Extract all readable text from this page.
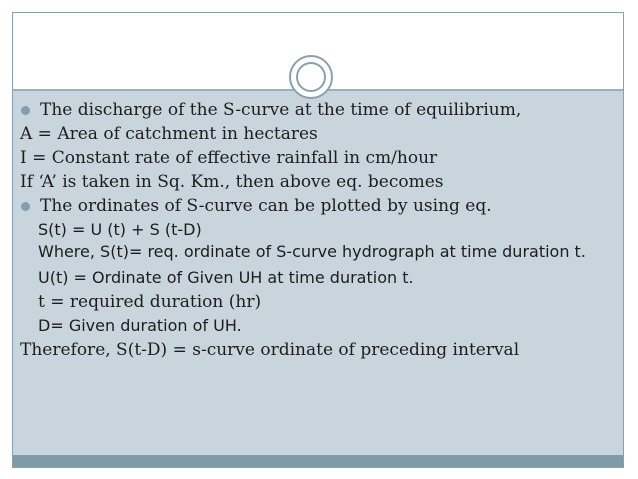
The discharge of the S-curve at the time of equilibrium,
A = Area of catchment in hectares
I = Constant rate of effective rainfall in cm/hour
If ‘A’ is taken in Sq. Km., then above eq. becomes
The ordinates of S-curve can be plotted by using eq.
S(t) = U (t) + S (t-D)
Where, S(t)= req. ordinate of S-curve hydrograph at time duration t.
U(t) = Ordinate of Given UH at time duration t.
t = required duration (hr)
D= Given duration of UH.
Therefore, S(t-D) = s-curve ordinate of preceding interval
